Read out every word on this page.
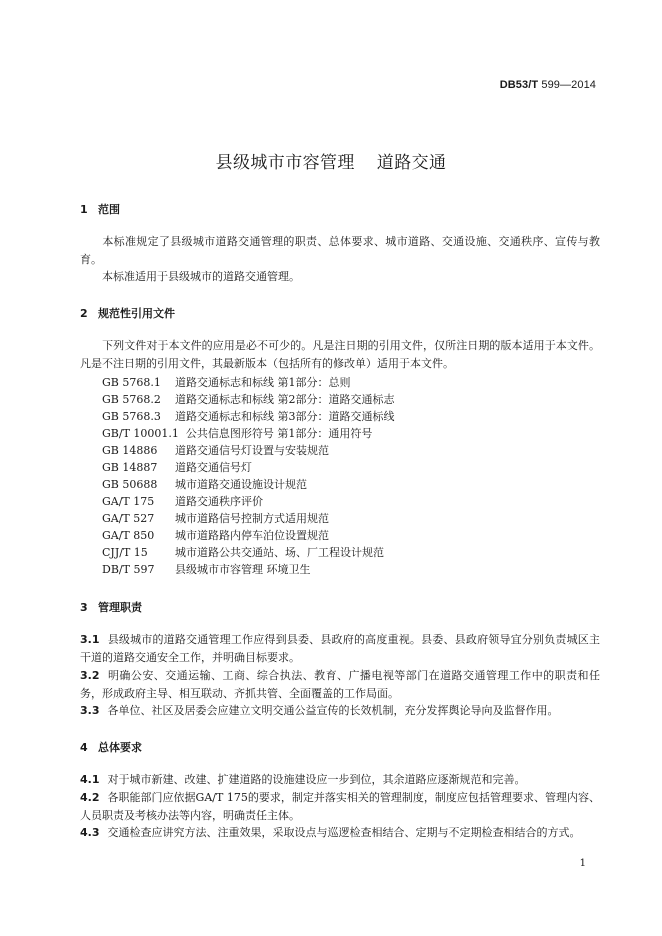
DB53/T 599—2014
县级城市市容管理 道路交通
1 范围
本标准规定了县级城市道路交通管理的职责、总体要求、城市道路、交通设施、交通秩序、宣传与教育。
本标准适用于县级城市的道路交通管理。
2 规范性引用文件
下列文件对于本文件的应用是必不可少的。凡是注日期的引用文件，仅所注日期的版本适用于本文件。凡是不注日期的引用文件，其最新版本（包括所有的修改单）适用于本文件。
GB 5768.1 道路交通标志和标线 第1部分：总则
GB 5768.2 道路交通标志和标线 第2部分：道路交通标志
GB 5768.3 道路交通标志和标线 第3部分：道路交通标线
GB/T 10001.1 公共信息图形符号 第1部分：通用符号
GB 14886 道路交通信号灯设置与安装规范
GB 14887 道路交通信号灯
GB 50688 城市道路交通设施设计规范
GA/T 175 道路交通秩序评价
GA/T 527 城市道路信号控制方式适用规范
GA/T 850 城市道路路内停车泊位设置规范
CJJ/T 15 城市道路公共交通站、场、厂工程设计规范
DB/T 597 县级城市市容管理 环境卫生
3 管理职责
3.1 县级城市的道路交通管理工作应得到县委、县政府的高度重视。县委、县政府领导宜分别负责城区主干道的道路交通安全工作，并明确目标要求。
3.2 明确公安、交通运输、工商、综合执法、教育、广播电视等部门在道路交通管理工作中的职责和任务，形成政府主导、相互联动、齐抓共管、全面覆盖的工作局面。
3.3 各单位、社区及居委会应建立文明交通公益宣传的长效机制，充分发挥舆论导向及监督作用。
4 总体要求
4.1 对于城市新建、改建、扩建道路的设施建设应一步到位，其余道路应逐渐规范和完善。
4.2 各职能部门应依据GA/T 175的要求，制定并落实相关的管理制度，制度应包括管理要求、管理内容、人员职责及考核办法等内容，明确责任主体。
4.3 交通检查应讲究方法、注重效果，采取设点与巡逻检查相结合、定期与不定期检查相结合的方式。
1
